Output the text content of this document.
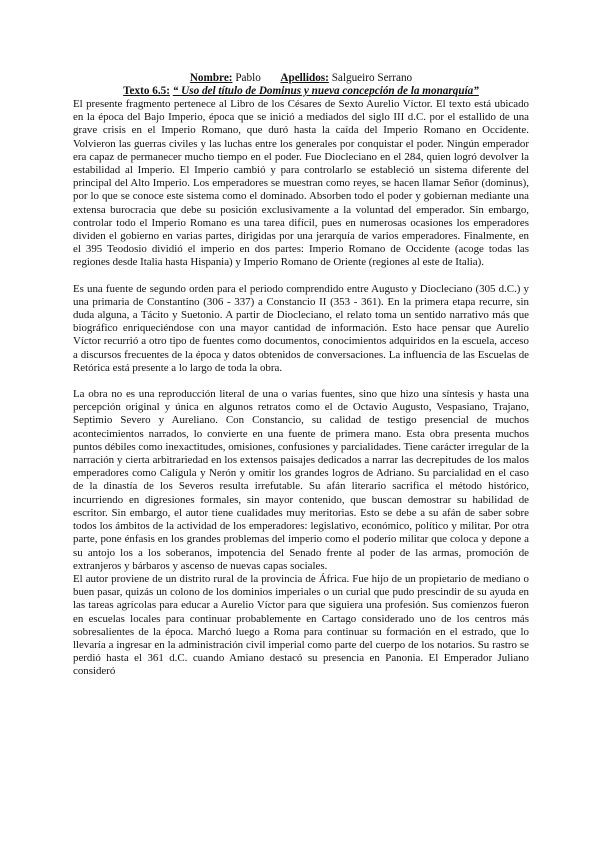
Nombre: Pablo Apellidos: Salgueiro Serrano
Texto 6.5: “ Uso del título de Dominus y nueva concepción de la monarquía”

El presente fragmento pertenece al Libro de los Césares de Sexto Aurelio Víctor. El texto está ubicado en la época del Bajo Imperio, época que se inició a mediados del siglo III d.C. por el estallido de una grave crisis en el Imperio Romano, que duró hasta la caída del Imperio Romano en Occidente. Volvieron las guerras civiles y las luchas entre los generales por conquistar el poder. Ningún emperador era capaz de permanecer mucho tiempo en el poder. Fue Diocleciano en el 284, quien logró devolver la estabilidad al Imperio. El Imperio cambió y para controlarlo se estableció un sistema diferente del principal del Alto Imperio. Los emperadores se muestran como reyes, se hacen llamar Señor (dominus), por lo que se conoce este sistema como el dominado. Absorben todo el poder y gobiernan mediante una extensa burocracia que debe su posición exclusivamente a la voluntad del emperador. Sin embargo, controlar todo el Imperio Romano es una tarea difícil, pues en numerosas ocasiones los emperadores dividen el gobierno en varias partes, dirigidas por una jerarquía de varios emperadores. Finalmente, en el 395 Teodosio dividió el imperio en dos partes: Imperio Romano de Occidente (acoge todas las regiones desde Italia hasta Hispania) y Imperio Romano de Oriente (regiones al este de Italia).

Es una fuente de segundo orden para el periodo comprendido entre Augusto y Diocleciano (305 d.C.) y una primaria de Constantino (306 - 337) a Constancio II (353 - 361). En la primera etapa recurre, sin duda alguna, a Tácito y Suetonio. A partir de Diocleciano, el relato toma un sentido narrativo más que biográfico enriqueciéndose con una mayor cantidad de información. Esto hace pensar que Aurelio Víctor recurrió a otro tipo de fuentes como documentos, conocimientos adquiridos en la escuela, acceso a discursos frecuentes de la época y datos obtenidos de conversaciones. La influencia de las Escuelas de Retórica está presente a lo largo de toda la obra.

La obra no es una reproducción literal de una o varias fuentes, sino que hizo una síntesis y hasta una percepción original y única en algunos retratos como el de Octavio Augusto, Vespasiano, Trajano, Septimio Severo y Aureliano. Con Constancio, su calidad de testigo presencial de muchos acontecimientos narrados, lo convierte en una fuente de primera mano. Esta obra presenta muchos puntos débiles como inexactitudes, omisiones, confusiones y parcialidades. Tiene carácter irregular de la narración y cierta arbitrariedad en los extensos paisajes dedicados a narrar las decrepitudes de los malos emperadores como Calígula y Nerón y omitir los grandes logros de Adriano. Su parcialidad en el caso de la dinastía de los Severos resulta irrefutable. Su afán literario sacrifica el método histórico, incurriendo en digresiones formales, sin mayor contenido, que buscan demostrar su habilidad de escritor. Sin embargo, el autor tiene cualidades muy meritorias. Esto se debe a su afán de saber sobre todos los ámbitos de la actividad de los emperadores: legislativo, económico, político y militar. Por otra parte, pone énfasis en los grandes problemas del imperio como el poderío militar que coloca y depone a su antojo los a los soberanos, impotencia del Senado frente al poder de las armas, promoción de extranjeros y bárbaros y ascenso de nuevas capas sociales.

El autor proviene de un distrito rural de la provincia de África. Fue hijo de un propietario de mediano o buen pasar, quizás un colono de los dominios imperiales o un curial que pudo prescindir de su ayuda en las tareas agrícolas para educar a Aurelio Víctor para que siguiera una profesión. Sus comienzos fueron en escuelas locales para continuar probablemente en Cartago considerado uno de los centros más sobresalientes de la época. Marchó luego a Roma para continuar su formación en el estrado, que lo llevaría a ingresar en la administración civil imperial como parte del cuerpo de los notarios. Su rastro se perdió hasta el 361 d.C. cuando Amiano destacó su presencia en Panonia. El Emperador Juliano consideró
